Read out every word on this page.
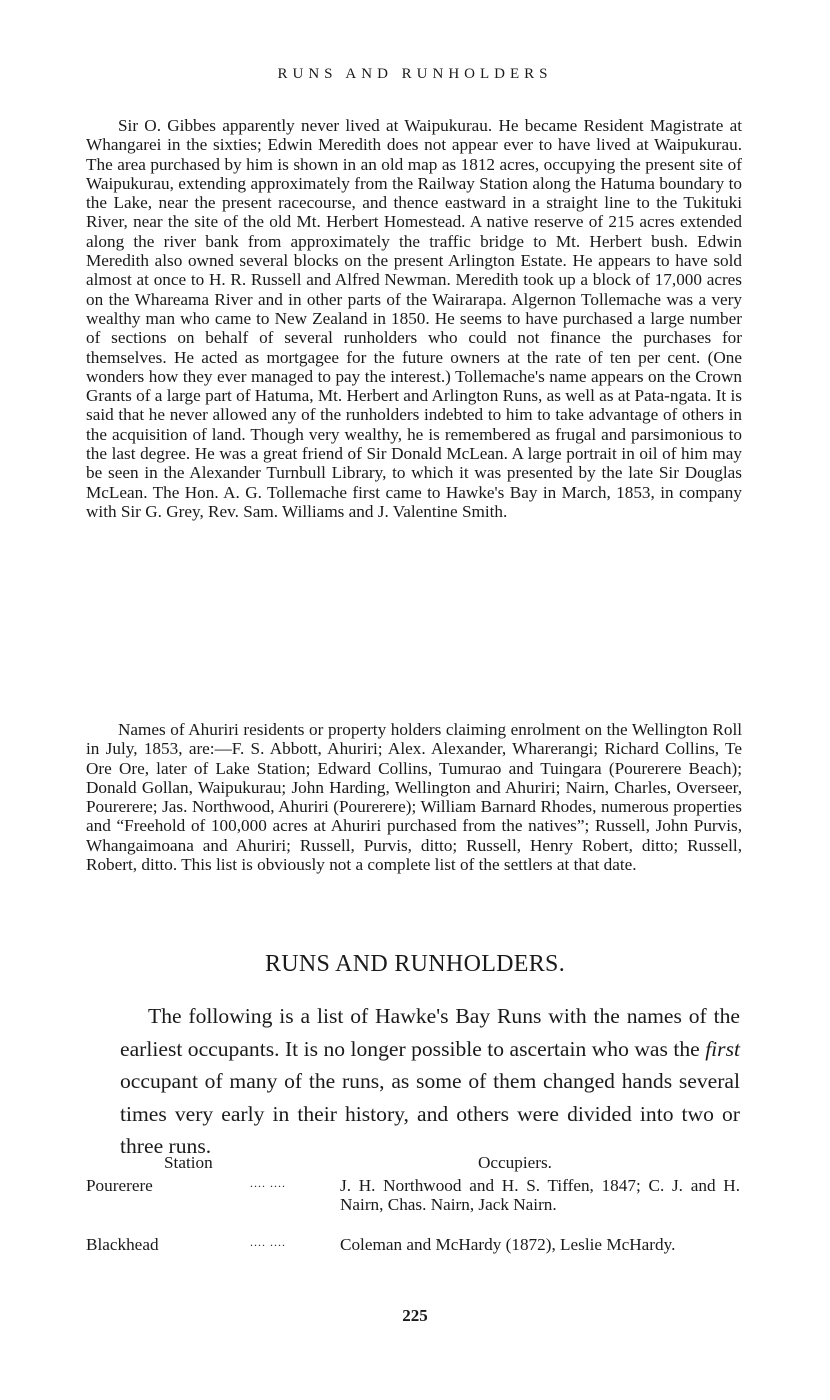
RUNS AND RUNHOLDERS

Sir O. Gibbes apparently never lived at Waipukurau. He became Resident Magistrate at Whangarei in the sixties; Edwin Meredith does not appear ever to have lived at Waipukurau. The area purchased by him is shown in an old map as 1812 acres, occupying the present site of Waipukurau, extending approximately from the Railway Station along the Hatuma boundary to the Lake, near the present racecourse, and thence eastward in a straight line to the Tukituki River, near the site of the old Mt. Herbert Homestead. A native reserve of 215 acres extended along the river bank from approximately the traffic bridge to Mt. Herbert bush. Edwin Meredith also owned several blocks on the present Arlington Estate. He appears to have sold almost at once to H. R. Russell and Alfred Newman. Meredith took up a block of 17,000 acres on the Whareama River and in other parts of the Wairarapa. Algernon Tollemache was a very wealthy man who came to New Zealand in 1850. He seems to have purchased a large number of sections on behalf of several runholders who could not finance the purchases for themselves. He acted as mortgagee for the future owners at the rate of ten per cent. (One wonders how they ever managed to pay the interest.) Tollemache's name appears on the Crown Grants of a large part of Hatuma, Mt. Herbert and Arlington Runs, as well as at Pata-ngata. It is said that he never allowed any of the runholders indebted to him to take advantage of others in the acquisition of land. Though very wealthy, he is remembered as frugal and parsimonious to the last degree. He was a great friend of Sir Donald McLean. A large portrait in oil of him may be seen in the Alexander Turnbull Library, to which it was presented by the late Sir Douglas McLean. The Hon. A. G. Tollemache first came to Hawke's Bay in March, 1853, in company with Sir G. Grey, Rev. Sam. Williams and J. Valentine Smith.

Names of Ahuriri residents or property holders claiming enrolment on the Wellington Roll in July, 1853, are:—F. S. Abbott, Ahuriri; Alex. Alexander, Wharerangi; Richard Collins, Te Ore Ore, later of Lake Station; Edward Collins, Tumurao and Tuingara (Pourerere Beach); Donald Gollan, Waipukurau; John Harding, Wellington and Ahuriri; Nairn, Charles, Overseer, Pourerere; Jas. Northwood, Ahuriri (Pourerere); William Barnard Rhodes, numerous properties and “Freehold of 100,000 acres at Ahuriri purchased from the natives”; Russell, John Purvis, Whangaimoana and Ahuriri; Russell, Purvis, ditto; Russell, Henry Robert, ditto; Russell, Robert, ditto. This list is obviously not a complete list of the settlers at that date.

RUNS AND RUNHOLDERS.

The following is a list of Hawke's Bay Runs with the names of the earliest occupants. It is no longer possible to ascertain who was the first occupant of many of the runs, as some of them changed hands several times very early in their history, and others were divided into two or three runs.

Station	Occupiers.
Pourerere	.... ....	J. H. Northwood and H. S. Tiffen, 1847; C. J. and H. Nairn, Chas. Nairn, Jack Nairn.
Blackhead	.... ....	Coleman and McHardy (1872), Leslie McHardy.
225
